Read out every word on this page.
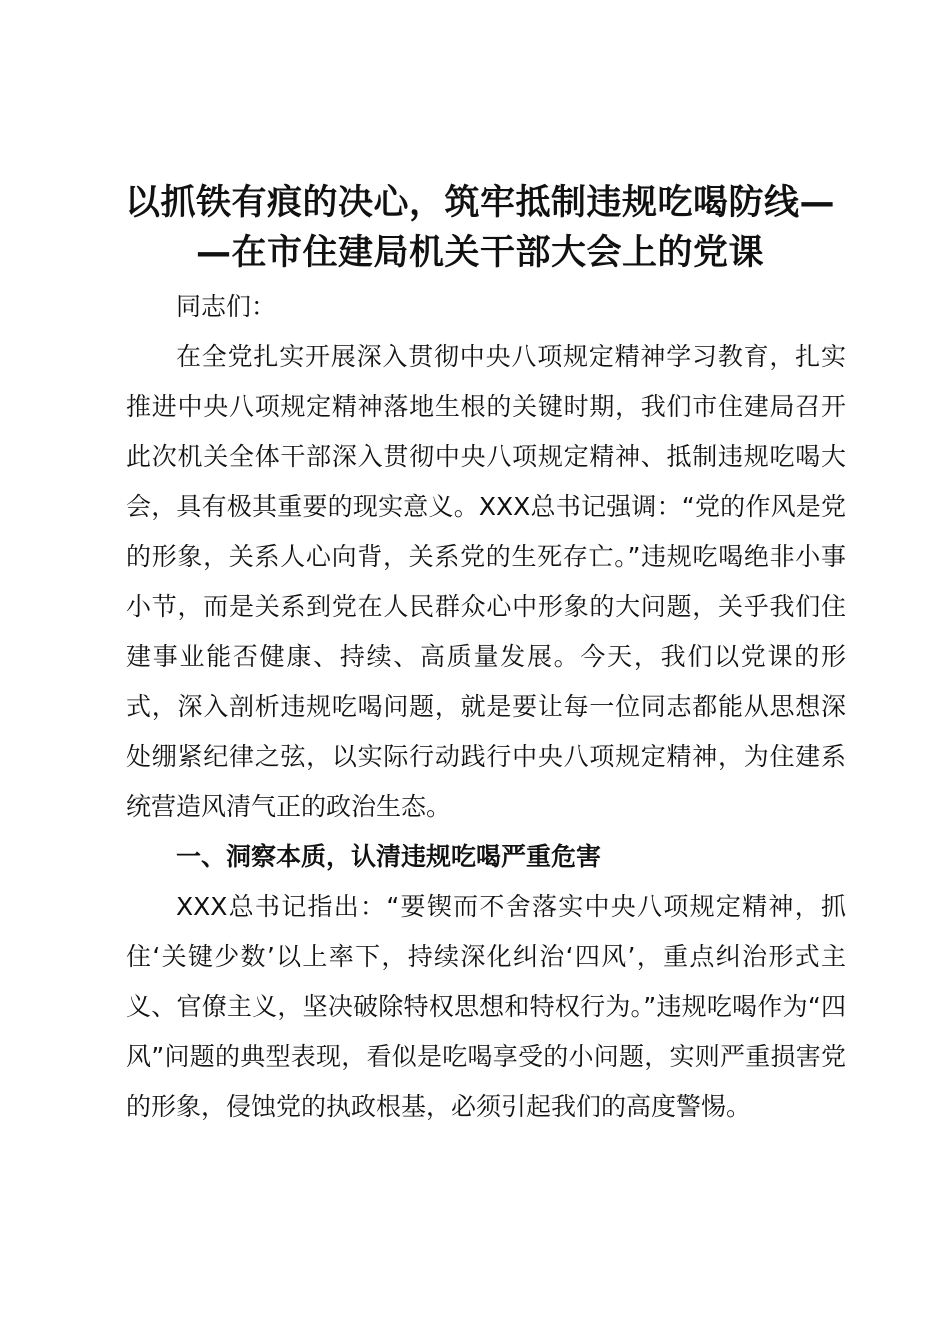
以抓铁有痕的决心，筑牢抵制违规吃喝防线—
—在市住建局机关干部大会上的党课

同志们：

在全党扎实开展深入贯彻中央八项规定精神学习教育，扎实推进中央八项规定精神落地生根的关键时期，我们市住建局召开此次机关全体干部深入贯彻中央八项规定精神、抵制违规吃喝大会，具有极其重要的现实意义。XXX总书记强调：“党的作风是党的形象，关系人心向背，关系党的生死存亡。”违规吃喝绝非小事小节，而是关系到党在人民群众心中形象的大问题，关乎我们住建事业能否健康、持续、高质量发展。今天，我们以党课的形式，深入剖析违规吃喝问题，就是要让每一位同志都能从思想深处绷紧纪律之弦，以实际行动践行中央八项规定精神，为住建系统营造风清气正的政治生态。

一、洞察本质，认清违规吃喝严重危害

XXX总书记指出：“要锲而不舍落实中央八项规定精神，抓住‘关键少数’以上率下，持续深化纠治‘四风’，重点纠治形式主义、官僚主义，坚决破除特权思想和特权行为。”违规吃喝作为“四风”问题的典型表现，看似是吃喝享受的小问题，实则严重损害党的形象，侵蚀党的执政根基，必须引起我们的高度警惕。
